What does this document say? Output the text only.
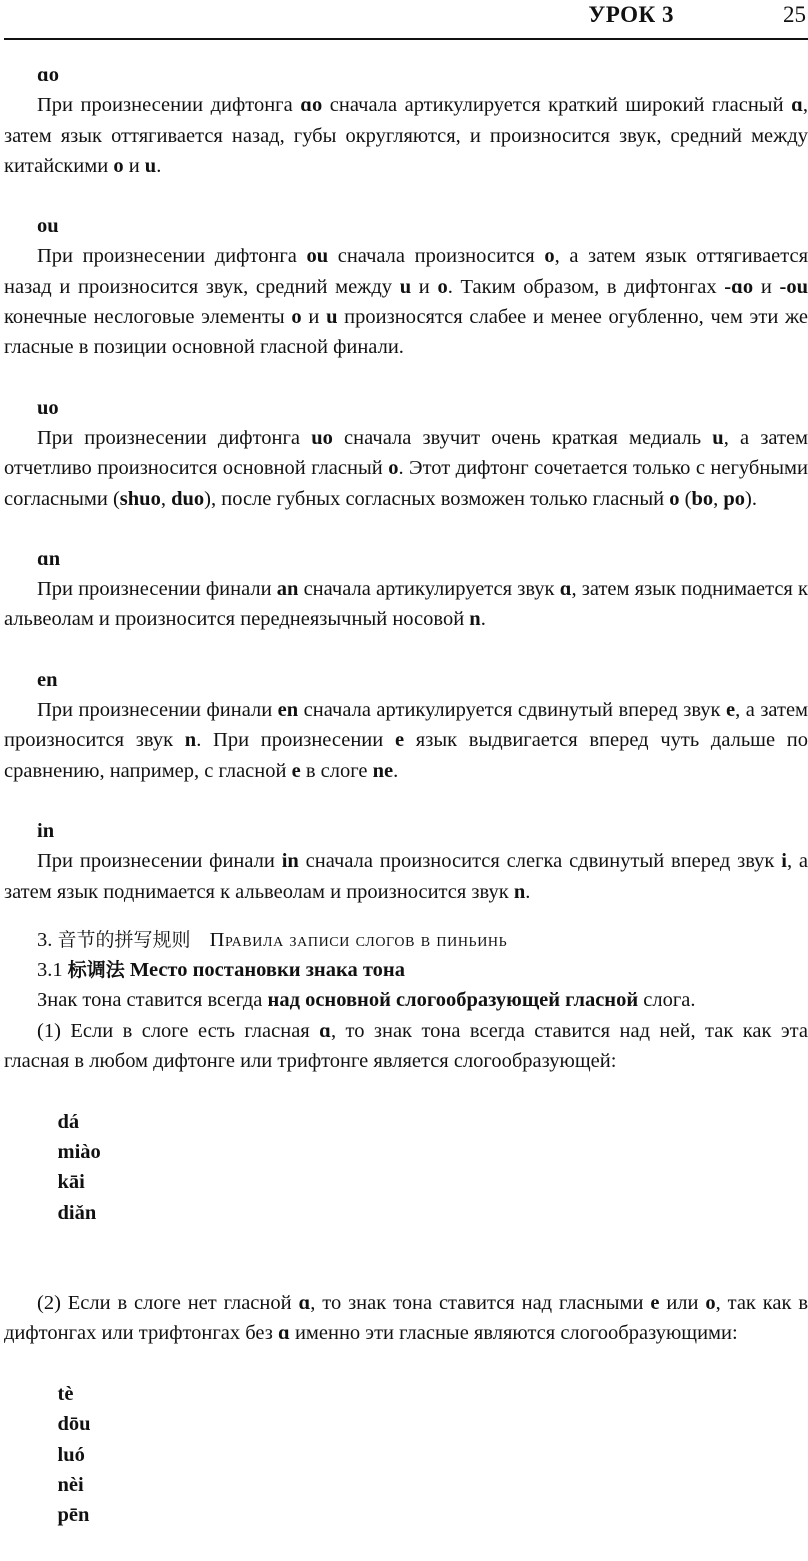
УРОК 3	25

ɑo

При произнесении дифтонга ɑo сначала артикулируется краткий широкий гласный ɑ, затем язык оттягивается назад, губы округляются, и произносится звук, средний между китайскими o и u.

ou

При произнесении дифтонга ou сначала произносится o, а затем язык оттягивается назад и произносится звук, средний между u и o. Таким образом, в дифтонгах -ɑo и -ou конечные неслоговые элементы o и u произносятся слабее и менее огубленно, чем эти же гласные в позиции основной гласной финали.

uo

При произнесении дифтонга uo сначала звучит очень краткая медиаль u, а затем отчетливо произносится основной гласный o. Этот дифтонг сочетается только с негубными согласными (shuo, duo), после губных согласных возможен только гласный o (bo, po).

ɑn

При произнесении финали an сначала артикулируется звук ɑ, затем язык поднимается к альвеолам и произносится переднеязычный носовой n.

en

При произнесении финали en сначала артикулируется сдвинутый вперед звук e, а затем произносится звук n. При произнесении e язык выдвигается вперед чуть дальше по сравнению, например, с гласной e в слоге ne.

in

При произнесении финали in сначала произносится слегка сдвинутый вперед звук i, а затем язык поднимается к альвеолам и произносится звук n.

3. 音节的拼写规则 Правила записи слогов в пиньинь

3.1 标调法 Место постановки знака тона

Знак тона ставится всегда над основной слогообразующей гласной слога.

(1) Если в слоге есть гласная ɑ, то знак тона всегда ставится над ней, так как эта гласная в любом дифтонге или трифтонге является слогообразующей:

dá
miào
kāi
diǎn

(2) Если в слоге нет гласной ɑ, то знак тона ставится над гласными e или o, так как в дифтонгах или трифтонгах без ɑ именно эти гласные являются слогообразующими:

tè
dōu
luó
nèi
pēn
